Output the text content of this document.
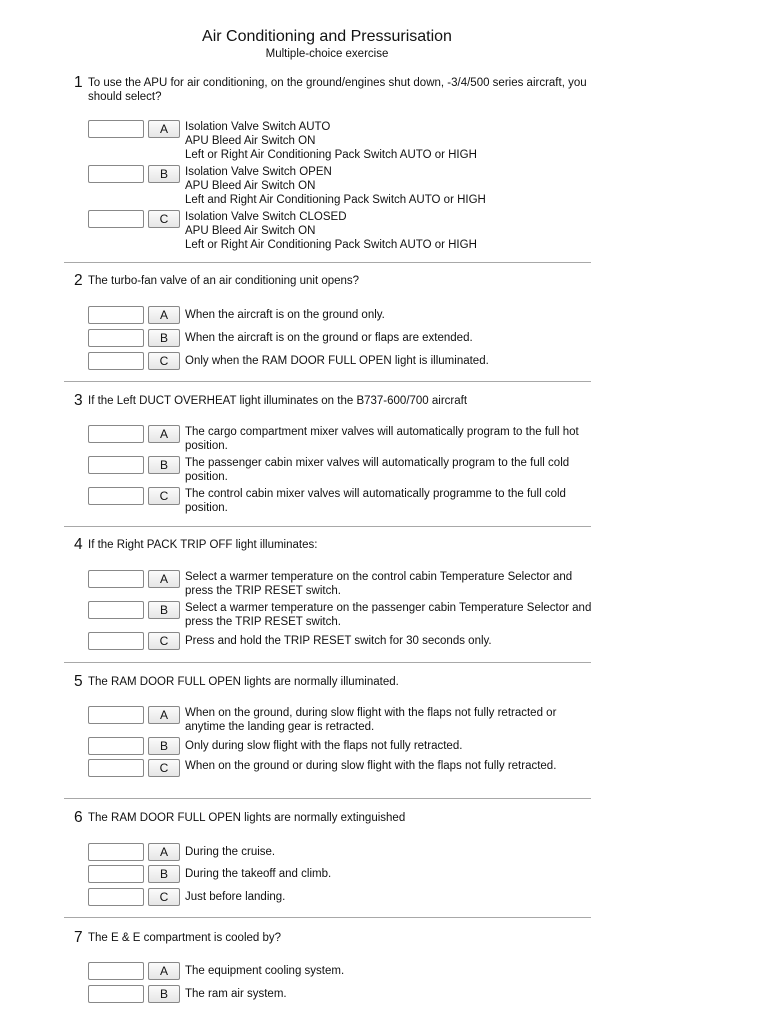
Air Conditioning and Pressurisation
Multiple-choice exercise
1 To use the APU for air conditioning, on the ground/engines shut down, -3/4/500 series aircraft, you should select?
A	Isolation Valve Switch AUTO
APU Bleed Air Switch ON
Left or Right Air Conditioning Pack Switch AUTO or HIGH
B	Isolation Valve Switch OPEN
APU Bleed Air Switch ON
Left and Right Air Conditioning Pack Switch AUTO or HIGH
C	Isolation Valve Switch CLOSED
APU Bleed Air Switch ON
Left or Right Air Conditioning Pack Switch AUTO or HIGH
2 The turbo-fan valve of an air conditioning unit opens?
A	When the aircraft is on the ground only.
B	When the aircraft is on the ground or flaps are extended.
C	Only when the RAM DOOR FULL OPEN light is illuminated.
3 If the Left DUCT OVERHEAT light illuminates on the B737-600/700 aircraft
A	The cargo compartment mixer valves will automatically program to the full hot position.
B	The passenger cabin mixer valves will automatically program to the full cold position.
C	The control cabin mixer valves will automatically programme to the full cold position.
4 If the Right PACK TRIP OFF light illuminates:
A	Select a warmer temperature on the control cabin Temperature Selector and press the TRIP RESET switch.
B	Select a warmer temperature on the passenger cabin Temperature Selector and press the TRIP RESET switch.
C	Press and hold the TRIP RESET switch for 30 seconds only.
5 The RAM DOOR FULL OPEN lights are normally illuminated.
A	When on the ground, during slow flight with the flaps not fully retracted or anytime the landing gear is retracted.
B	Only during slow flight with the flaps not fully retracted.
C	When on the ground or during slow flight with the flaps not fully retracted.
6 The RAM DOOR FULL OPEN lights are normally extinguished
A	During the cruise.
B	During the takeoff and climb.
C	Just before landing.
7 The E & E compartment is cooled by?
A	The equipment cooling system.
B	The ram air system.
